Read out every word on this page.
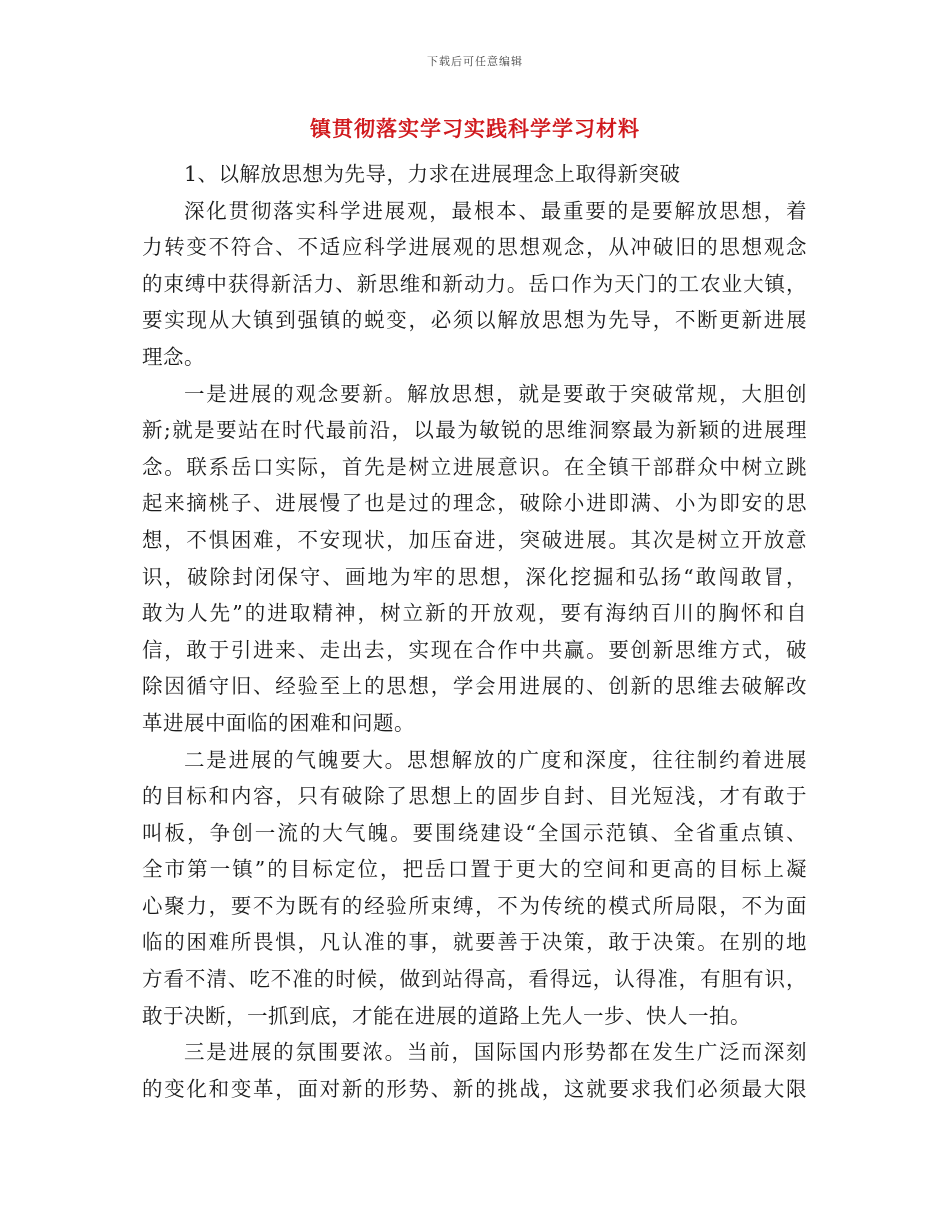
下载后可任意编辑
镇贯彻落实学习实践科学学习材料
1、以解放思想为先导，力求在进展理念上取得新突破
深化贯彻落实科学进展观，最根本、最重要的是要解放思想，着
力转变不符合、不适应科学进展观的思想观念，从冲破旧的思想观念
的束缚中获得新活力、新思维和新动力。岳口作为天门的工农业大镇，
要实现从大镇到强镇的蜕变，必须以解放思想为先导，不断更新进展
理念。
一是进展的观念要新。解放思想，就是要敢于突破常规，大胆创
新;就是要站在时代最前沿，以最为敏锐的思维洞察最为新颖的进展理
念。联系岳口实际，首先是树立进展意识。在全镇干部群众中树立跳
起来摘桃子、进展慢了也是过的理念，破除小进即满、小为即安的思
想，不惧困难，不安现状，加压奋进，突破进展。其次是树立开放意
识，破除封闭保守、画地为牢的思想，深化挖掘和弘扬“敢闯敢冒，
敢为人先”的进取精神，树立新的开放观，要有海纳百川的胸怀和自
信，敢于引进来、走出去，实现在合作中共赢。要创新思维方式，破
除因循守旧、经验至上的思想，学会用进展的、创新的思维去破解改
革进展中面临的困难和问题。
二是进展的气魄要大。思想解放的广度和深度，往往制约着进展
的目标和内容，只有破除了思想上的固步自封、目光短浅，才有敢于
叫板，争创一流的大气魄。要围绕建设“全国示范镇、全省重点镇、
全市第一镇”的目标定位，把岳口置于更大的空间和更高的目标上凝
心聚力，要不为既有的经验所束缚，不为传统的模式所局限，不为面
临的困难所畏惧，凡认准的事，就要善于决策，敢于决策。在别的地
方看不清、吃不准的时候，做到站得高，看得远，认得准，有胆有识，
敢于决断，一抓到底，才能在进展的道路上先人一步、快人一拍。
三是进展的氛围要浓。当前，国际国内形势都在发生广泛而深刻
的变化和变革，面对新的形势、新的挑战，这就要求我们必须最大限
